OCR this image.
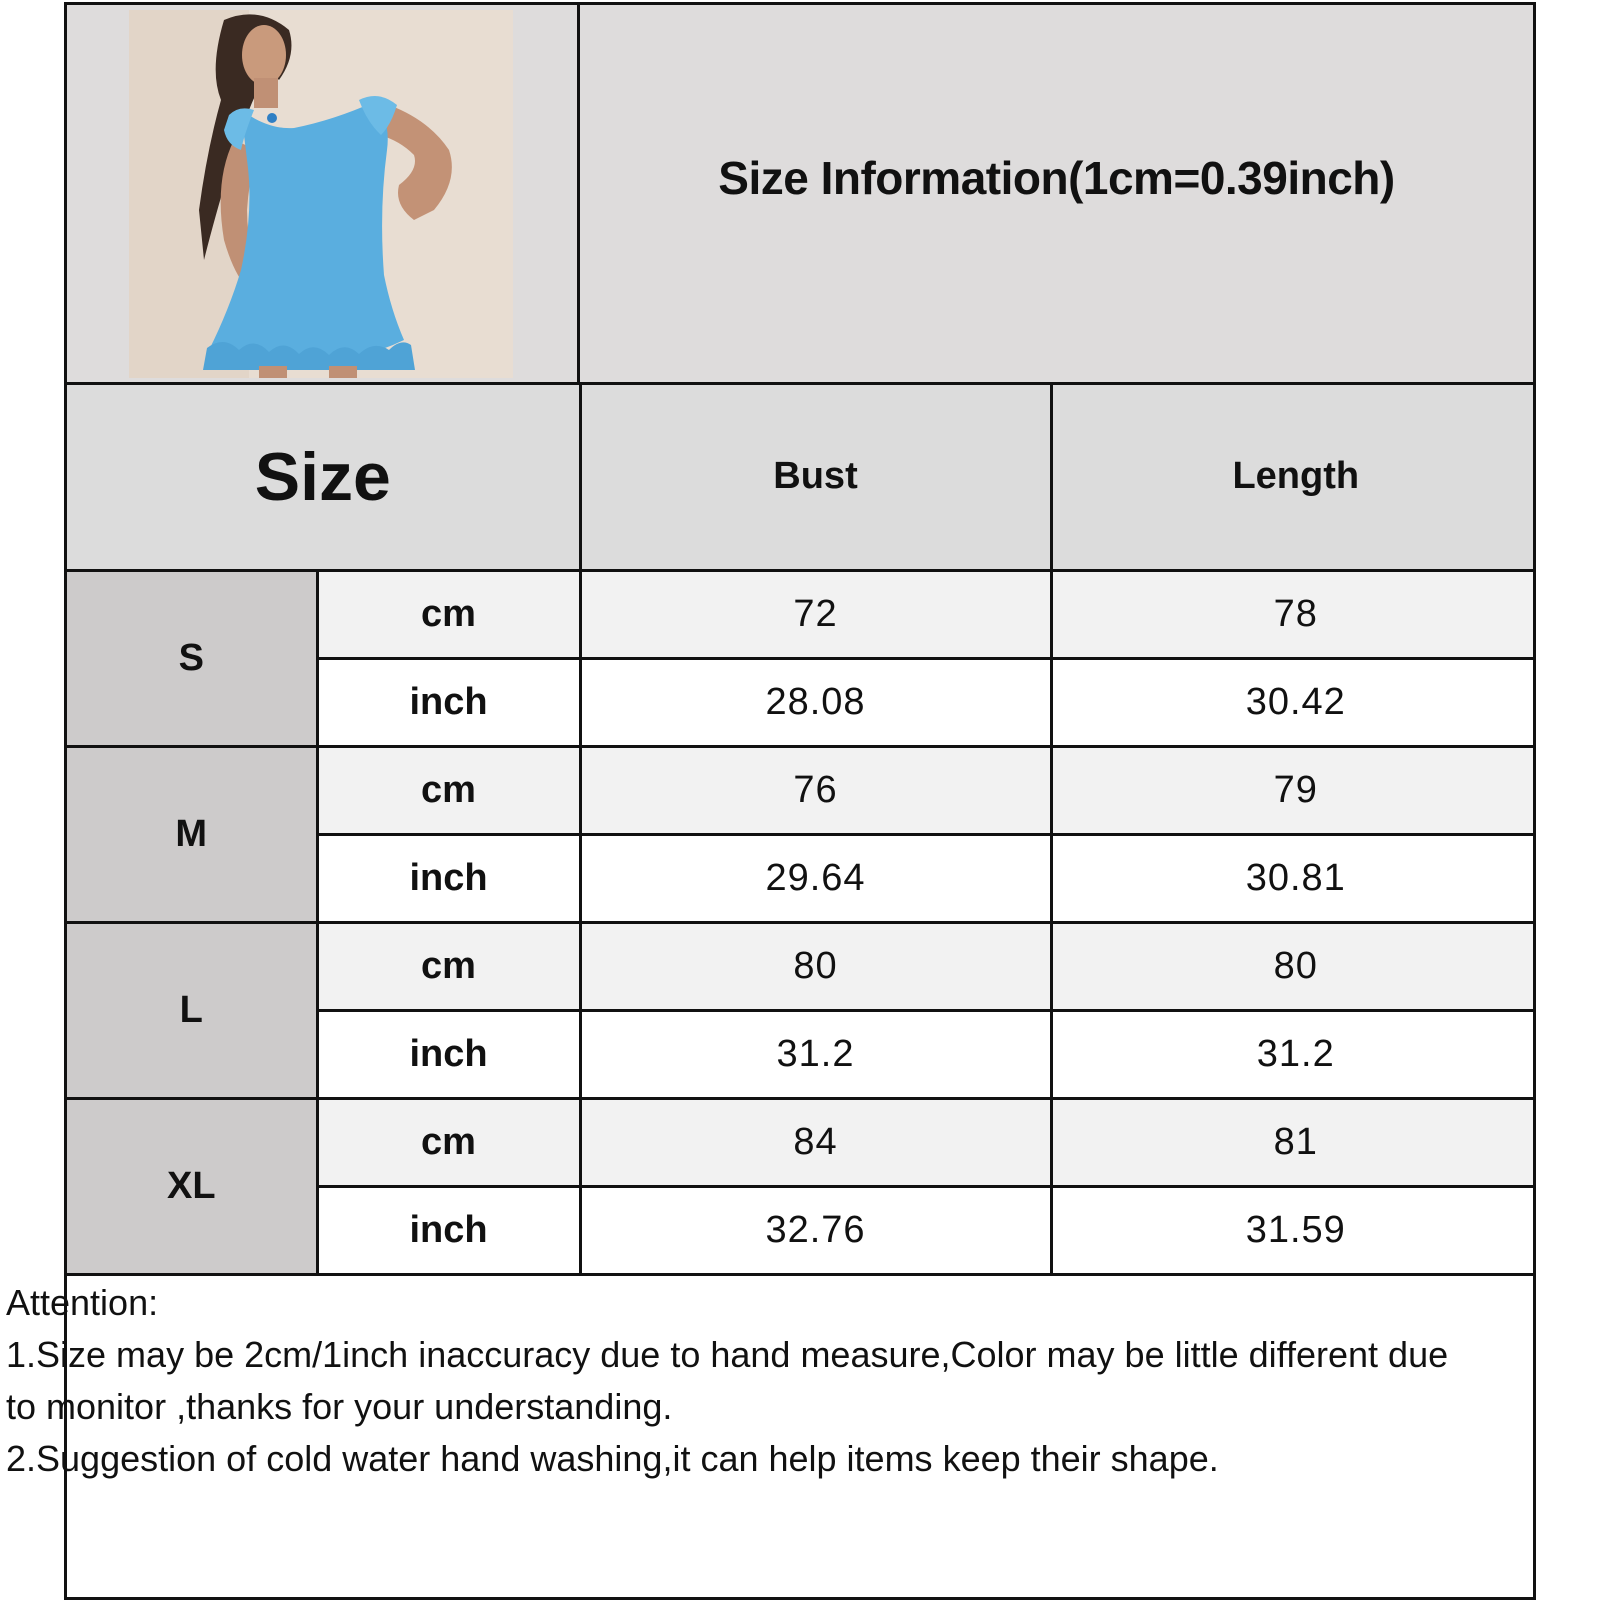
Size Information(1cm=0.39inch)
Size		Bust	Length
S	cm	72	78
	inch	28.08	30.42
M	cm	76	79
	inch	29.64	30.81
L	cm	80	80
	inch	31.2	31.2
XL	cm	84	81
	inch	32.76	31.59

Attention:

1.Size may be 2cm/1inch inaccuracy due to hand measure,Color may be little different due to monitor ,thanks for your understanding.

2.Suggestion of cold water hand washing,it can help items keep their shape.
